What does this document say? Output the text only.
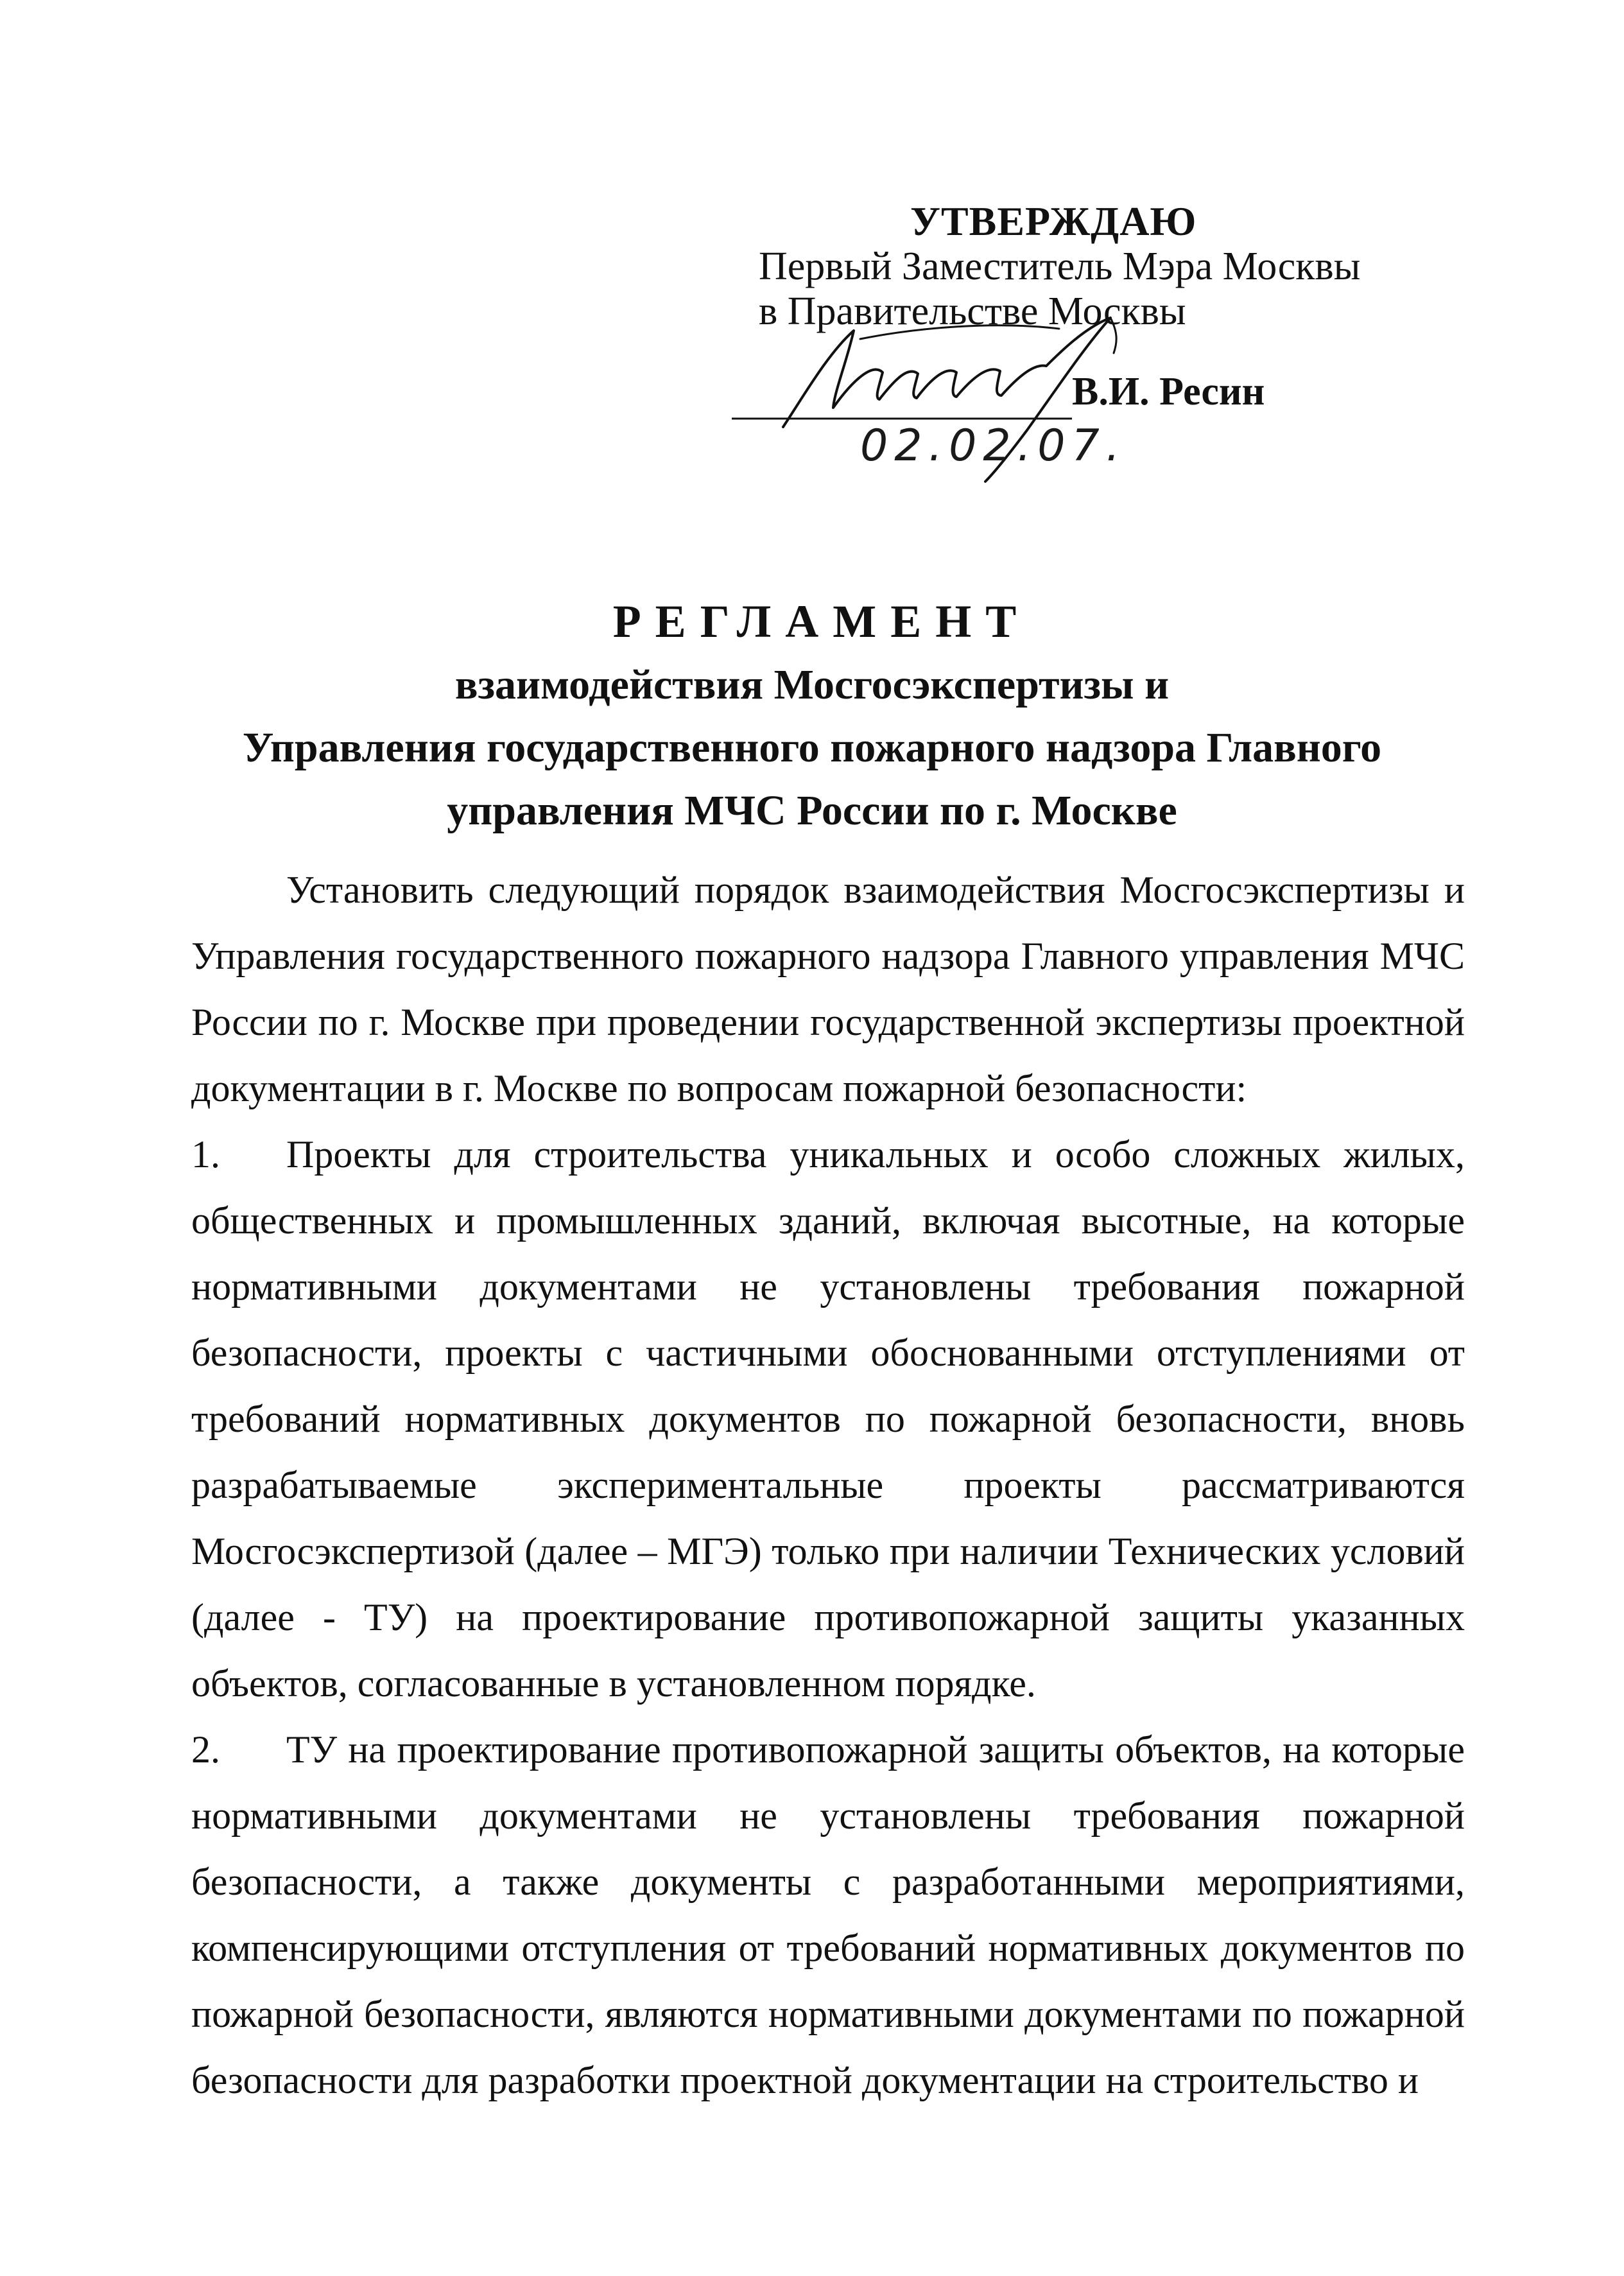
УТВЕРЖДАЮ
Первый Заместитель Мэра Москвы
в Правительстве Москвы
В.И. Ресин
02.02.07.
РЕГЛАМЕНТ
взаимодействия Мосгосэкспертизы и
Управления государственного пожарного надзора Главного
управления МЧС России по г. Москве

Установить следующий порядок взаимодействия Мосгосэкспертизы и Управления государственного пожарного надзора Главного управления МЧС России по г. Москве при проведении государственной экспертизы проектной документации в г. Москве по вопросам пожарной безопасности:

1. Проекты для строительства уникальных и особо сложных жилых, общественных и промышленных зданий, включая высотные, на которые нормативными документами не установлены требования пожарной безопасности, проекты с частичными обоснованными отступлениями от требований нормативных документов по пожарной безопасности, вновь разрабатываемые экспериментальные проекты рассматриваются Мосгосэкспертизой (далее – МГЭ) только при наличии Технических условий (далее - ТУ) на проектирование противопожарной защиты указанных объектов, согласованные в установленном порядке.

2. ТУ на проектирование противопожарной защиты объектов, на которые нормативными документами не установлены требования пожарной безопасности, а также документы с разработанными мероприятиями, компенсирующими отступления от требований нормативных документов по пожарной безопасности, являются нормативными документами по пожарной безопасности для разработки проектной документации на строительство и
